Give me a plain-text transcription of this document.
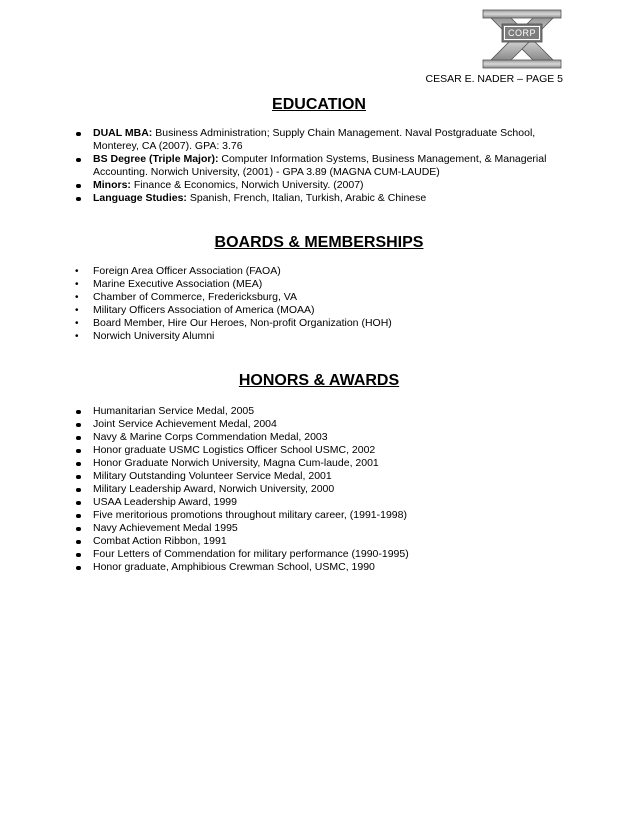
CORP
CESAR E. NADER – PAGE 5
EDUCATION
DUAL MBA: Business Administration; Supply Chain Management. Naval Postgraduate School, Monterey, CA (2007). GPA: 3.76
BS Degree (Triple Major): Computer Information Systems, Business Management, & Managerial Accounting. Norwich University, (2001) - GPA 3.89 (MAGNA CUM-LAUDE)
Minors: Finance & Economics, Norwich University. (2007)
Language Studies: Spanish, French, Italian, Turkish, Arabic & Chinese
BOARDS & MEMBERSHIPS
• Foreign Area Officer Association (FAOA)
• Marine Executive Association (MEA)
• Chamber of Commerce, Fredericksburg, VA
• Military Officers Association of America (MOAA)
• Board Member, Hire Our Heroes, Non-profit Organization (HOH)
• Norwich University Alumni
HONORS & AWARDS
Humanitarian Service Medal, 2005
Joint Service Achievement Medal, 2004
Navy & Marine Corps Commendation Medal, 2003
Honor graduate USMC Logistics Officer School USMC, 2002
Honor Graduate Norwich University, Magna Cum-laude, 2001
Military Outstanding Volunteer Service Medal, 2001
Military Leadership Award, Norwich University, 2000
USAA Leadership Award, 1999
Five meritorious promotions throughout military career, (1991-1998)
Navy Achievement Medal 1995
Combat Action Ribbon, 1991
Four Letters of Commendation for military performance (1990-1995)
Honor graduate, Amphibious Crewman School, USMC, 1990
